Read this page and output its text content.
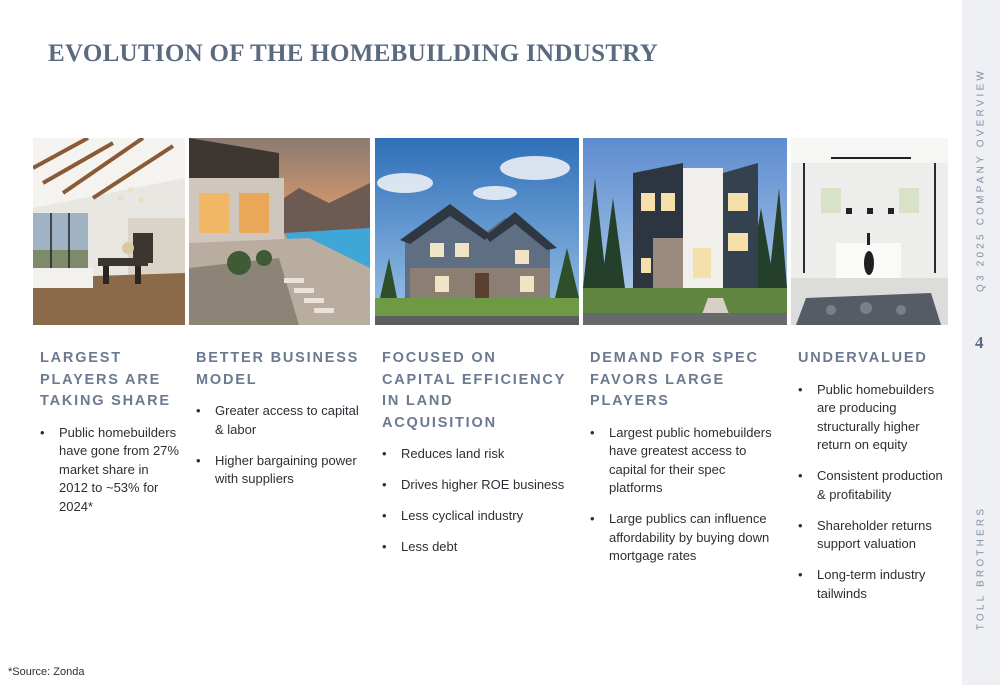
EVOLUTION OF THE HOMEBUILDING INDUSTRY
Q3 2025 COMPANY OVERVIEW
4
TOLL BROTHERS
LARGEST PLAYERS ARE TAKING SHARE
• Public homebuilders have gone from 27% market share in 2012 to ~53% for 2024*
BETTER BUSINESS MODEL
• Greater access to capital & labor
• Higher bargaining power with suppliers
FOCUSED ON CAPITAL EFFICIENCY IN LAND ACQUISITION
• Reduces land risk
• Drives higher ROE business
• Less cyclical industry
• Less debt
DEMAND FOR SPEC FAVORS LARGE PLAYERS
• Largest public homebuilders have greatest access to capital for their spec platforms
• Large publics can influence affordability by buying down mortgage rates
UNDERVALUED
• Public homebuilders are producing structurally higher return on equity
• Consistent production & profitability
• Shareholder returns support valuation
• Long-term industry tailwinds
*Source: Zonda
